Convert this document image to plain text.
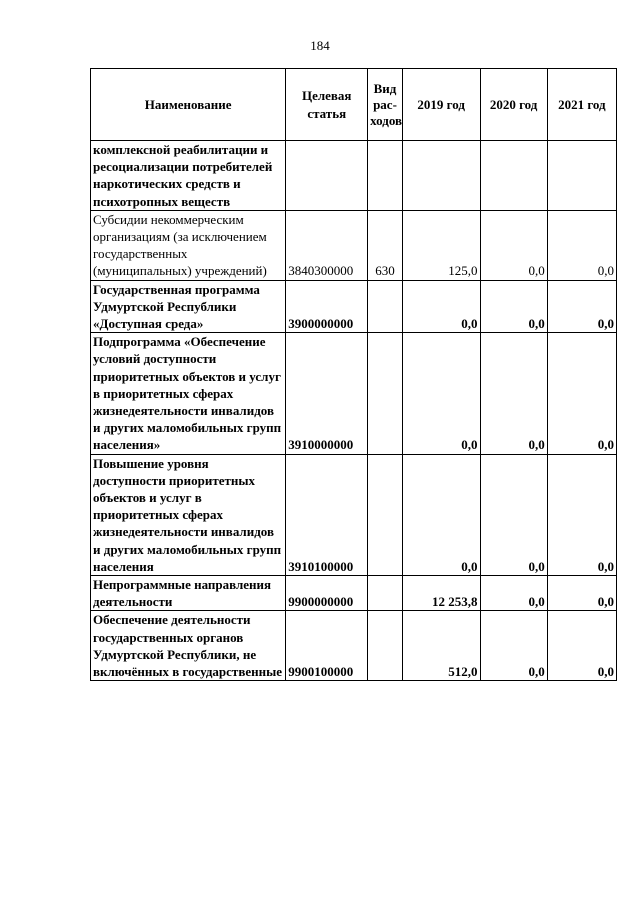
184
Наименование	Целевая статья	Вид рас-ходов	2019 год	2020 год	2021 год
комплексной реабилитации и ресоциализации потребителей наркотических средств и психотропных веществ					
Субсидии некоммерческим организациям (за исключением государственных (муниципальных) учреждений)	3840300000	630	125,0	0,0	0,0
Государственная программа Удмуртской Республики «Доступная среда»	3900000000		0,0	0,0	0,0
Подпрограмма «Обеспечение условий доступности приоритетных объектов и услуг в приоритетных сферах жизнедеятельности инвалидов и других маломобильных групп населения»	3910000000		0,0	0,0	0,0
Повышение уровня доступности приоритетных объектов и услуг в приоритетных сферах жизнедеятельности инвалидов и других маломобильных групп населения	3910100000		0,0	0,0	0,0
Непрограммные направления деятельности	9900000000		12 253,8	0,0	0,0
Обеспечение деятельности государственных органов Удмуртской Республики, не включённых в государственные	9900100000		512,0	0,0	0,0
